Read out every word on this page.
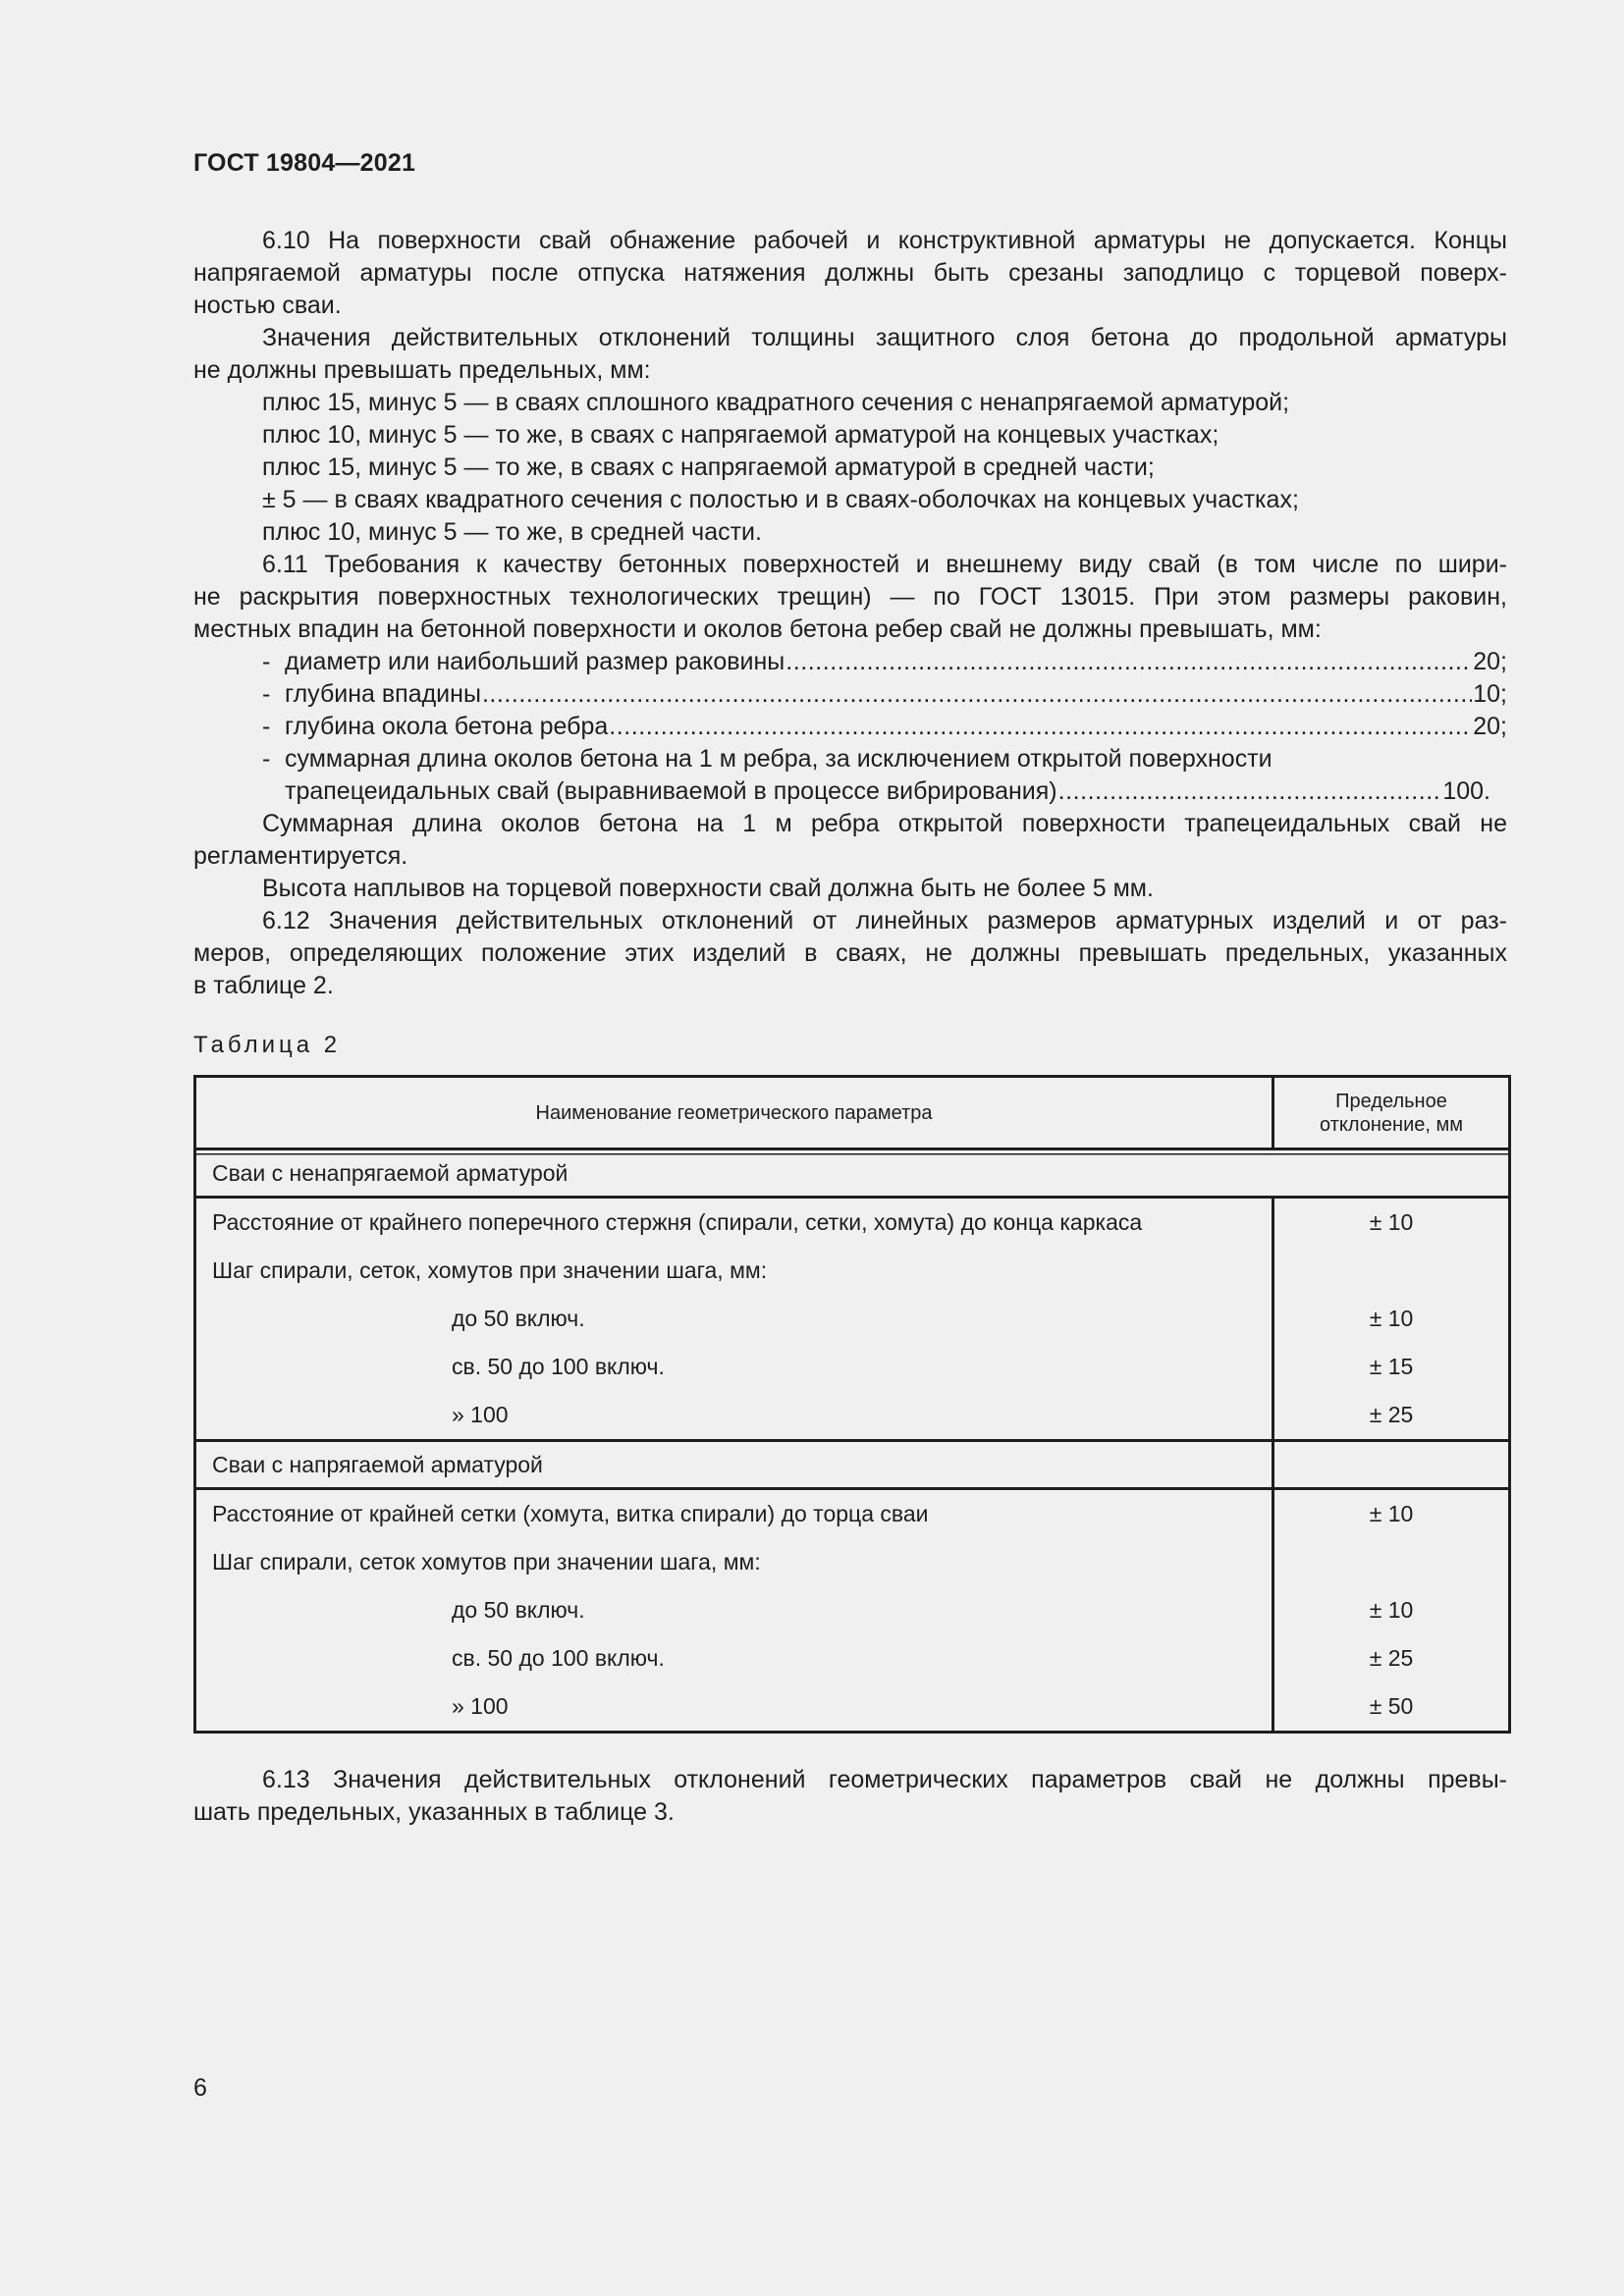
ГОСТ 19804—2021
6.10 На поверхности свай обнажение рабочей и конструктивной арматуры не допускается. Концы
напрягаемой арматуры после отпуска натяжения должны быть срезаны заподлицо с торцевой поверх-
ностью сваи.
Значения действительных отклонений толщины защитного слоя бетона до продольной арматуры
не должны превышать предельных, мм:
плюс 15, минус 5 — в сваях сплошного квадратного сечения с ненапрягаемой арматурой;
плюс 10, минус 5 — то же, в сваях с напрягаемой арматурой на концевых участках;
плюс 15, минус 5 — то же, в сваях с напрягаемой арматурой в средней части;
± 5 — в сваях квадратного сечения с полостью и в сваях-оболочках на концевых участках;
плюс 10, минус 5 — то же, в средней части.
6.11 Требования к качеству бетонных поверхностей и внешнему виду свай (в том числе по шири-
не раскрытия поверхностных технологических трещин) — по ГОСТ 13015. При этом размеры раковин,
местных впадин на бетонной поверхности и околов бетона ребер свай не должны превышать, мм:
- диаметр или наибольший размер раковины . . .	20;
- глубина впадины . . .	10;
- глубина окола бетона ребра . . .	20;
- суммарная длина околов бетона на 1 м ребра, за исключением открытой поверхности
трапецеидальных свай (выравниваемой в процессе вибрирования) . . .	100.
Суммарная длина околов бетона на 1 м ребра открытой поверхности трапецеидальных свай не
регламентируется.
Высота наплывов на торцевой поверхности свай должна быть не более 5 мм.
6.12 Значения действительных отклонений от линейных размеров арматурных изделий и от раз-
меров, определяющих положение этих изделий в сваях, не должны превышать предельных, указанных
в таблице 2.
Таблица 2
Наименование геометрического параметра	Предельное отклонение, мм
Сваи с ненапрягаемой арматурой	
Расстояние от крайнего поперечного стержня (спирали, сетки, хомута) до конца каркаса	± 10
Шаг спирали, сеток, хомутов при значении шага, мм:	
до 50 включ.	± 10
св. 50 до 100 включ.	± 15
» 100	± 25
Сваи с напрягаемой арматурой	
Расстояние от крайней сетки (хомута, витка спирали) до торца сваи	± 10
Шаг спирали, сеток хомутов при значении шага, мм:	
до 50 включ.	± 10
св. 50 до 100 включ.	± 25
» 100	± 50
6.13 Значения действительных отклонений геометрических параметров свай не должны превы-
шать предельных, указанных в таблице 3.
6
